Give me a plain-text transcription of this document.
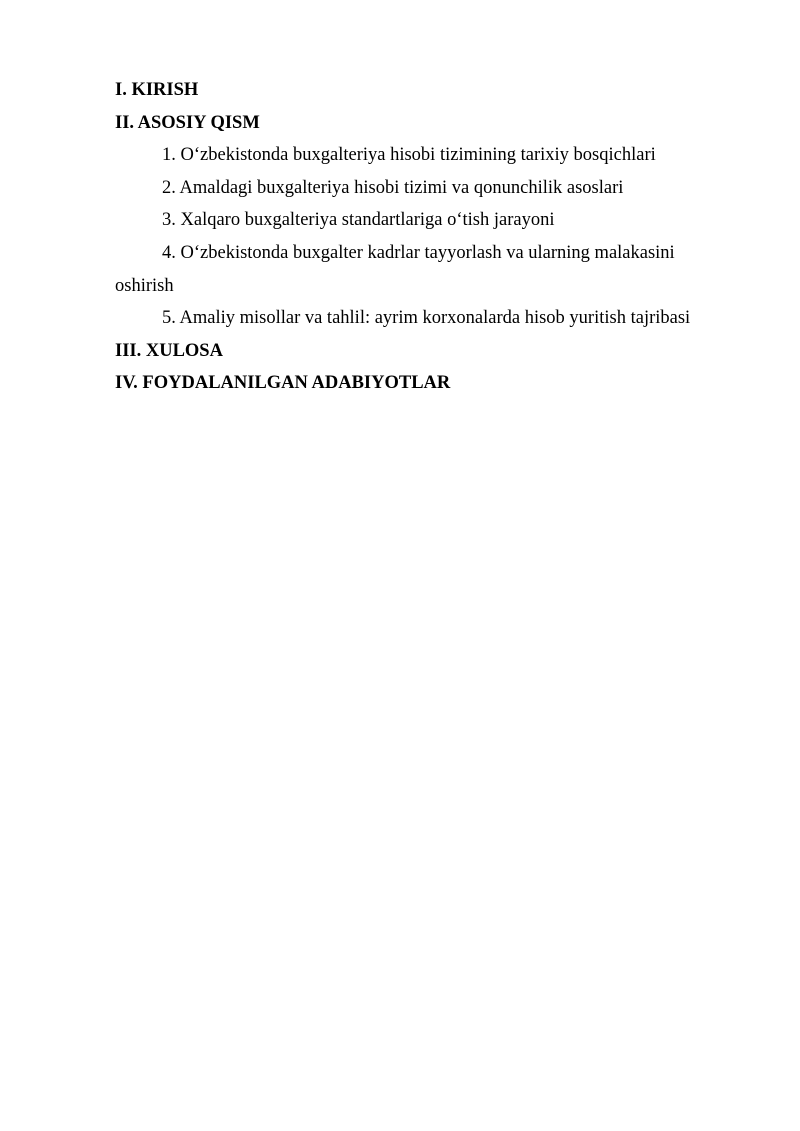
I. KIRISH
II. ASOSIY QISM
1. O‘zbekistonda buxgalteriya hisobi tizimining tarixiy bosqichlari
2. Amaldagi buxgalteriya hisobi tizimi va qonunchilik asoslari
3. Xalqaro buxgalteriya standartlariga o‘tish jarayoni
4. O‘zbekistonda buxgalter kadrlar tayyorlash va ularning malakasini oshirish
5. Amaliy misollar va tahlil: ayrim korxonalarda hisob yuritish tajribasi
III. XULOSA
IV. FOYDALANILGAN ADABIYOTLAR
